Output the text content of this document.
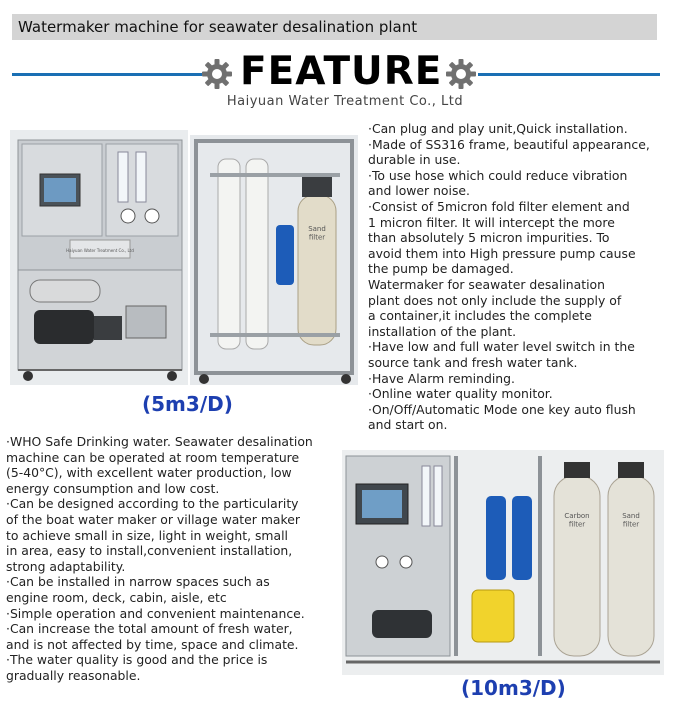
Watermaker machine for seawater desalination plant
FEATURE
Haiyuan Water Treatment Co., Ltd
Haiyuan Water Treatment Co., Ltd
Sand filter
(5m3/D)
·Can plug and play unit,Quick installation.
·Made of SS316 frame, beautiful appearance,
durable in use.
·To use hose which could reduce vibration
and lower noise.
·Consist of 5micron fold filter element and
1 micron filter. It will intercept the more
than absolutely 5 micron impurities. To
avoid them into High pressure pump cause
the pump be damaged.
Watermaker for seawater desalination
plant does not only include the supply of
a container,it includes the complete
installation of the plant.
·Have low and full water level switch in the
source tank and fresh water tank.
·Have Alarm reminding.
·Online water quality monitor.
·On/Off/Automatic Mode one key auto flush
and start on.
·WHO Safe Drinking water. Seawater desalination
machine can be operated at room temperature
(5-40°C), with excellent water production, low
energy consumption and low cost.
·Can be designed according to the particularity
of the boat water maker or village water maker
to achieve small in size, light in weight, small
in area, easy to install,convenient installation,
strong adaptability.
·Can be installed in narrow spaces such as
engine room, deck, cabin, aisle, etc
·Simple operation and convenient maintenance.
·Can increase the total amount of fresh water,
and is not affected by time, space and climate.
·The water quality is good and the price is
gradually reasonable.
Carbon filter
Sand filter
(10m3/D)
